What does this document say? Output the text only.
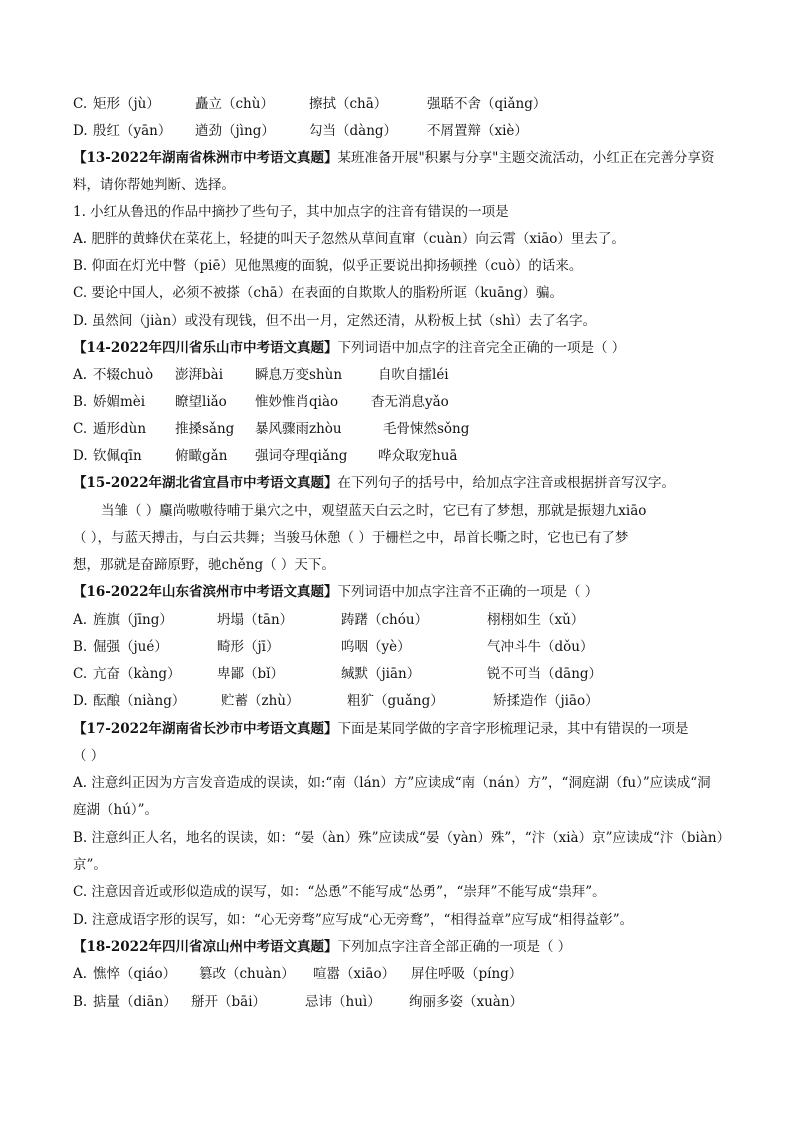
C. 矩形（jù）	矗立（chù）	擦拭（chā）	强聒不舍（qiǎng）
D. 殷红（yān） 遒劲（jìng）	勾当（dàng） 不屑置辩（xiè）
【13-2022年湖南省株洲市中考语文真题】某班准备开展"积累与分享"主题交流活动，小红正在完善分享资
料，请你帮她判断、选择。
1. 小红从鲁迅的作品中摘抄了些句子，其中加点字的注音有错误的一项是
A. 肥胖的黄蜂伏在菜花上，轻捷的叫天子忽然从草间直窜（cuàn）向云霄（xiāo）里去了。
B. 仰面在灯光中瞥（piē）见他黑瘦的面貌，似乎正要说出抑扬顿挫（cuò）的话来。
C. 要论中国人，必须不被搽（chā）在表面的自欺欺人的脂粉所诓（kuāng）骗。
D. 虽然间（jiàn）或没有现钱，但不出一月，定然还清，从粉板上拭（shì）去了名字。
【14-2022年四川省乐山市中考语文真题】下列词语中加点字的注音完全正确的一项是（ ）
A. 不辍chuò 澎湃bài 瞬息万变shùn	自吹自擂léi
B. 娇媚mèi 瞭望liǎo 惟妙惟肖qiào 杳无消息yǎo
C. 遁形dùn 推搡sǎng 暴风骤雨zhòu	毛骨悚然sǒng
D. 钦佩qīn 俯瞰gǎn 强词夺理qiǎng 哗众取宠huā
【15-2022年湖北省宜昌市中考语文真题】在下列句子的括号中，给加点字注音或根据拼音写汉字。
当雏（ ）麜尚嗷嗷待哺于巢穴之中，观望蓝天白云之时，它已有了梦想，那就是振翅九xiāo
（ ），与蓝天搏击，与白云共舞；当骏马休憩（ ）于栅栏之中，昂首长嘶之时，它也已有了梦
想，那就是奋蹄原野，驰chěng（ ）天下。
【16-2022年山东省滨州市中考语文真题】下列词语中加点字注音不正确的一项是（ ）
A. 旌旗（jīng）	坍塌（tān）	踌躇（chóu）	栩栩如生（xǔ）
B. 倔强（jué）	畸形（jī）	呜咽（yè）	气冲斗牛（dǒu）
C. 亢奋（kàng）	卑鄙（bǐ）	缄默（jiān）	锐不可当（dāng）
D. 酝酿（niàng）	贮蓄（zhù）	粗犷（guǎng）	矫揉造作（jiāo）
【17-2022年湖南省长沙市中考语文真题】下面是某同学做的字音字形梳理记录，其中有错误的一项是
（ ）
A. 注意纠正因为方言发音造成的误读，如:“南（lán）方”应读成“南（nán）方”，“洞庭湖（fu）”应读成“洞
庭湖（hú）”。
B. 注意纠正人名，地名的误读，如：“晏（àn）殊”应读成“晏（yàn）殊”，“汴（xià）京”应读成“汴（biàn）
京”。
C. 注意因音近或形似造成的误写，如：“怂恿”不能写成“怂勇”，“崇拜”不能写成“祟拜”。
D. 注意成语字形的误写，如：“心无旁骛”应写成“心无旁鹜”，“相得益章”应写成“相得益彰”。
【18-2022年四川省凉山州中考语文真题】下列加点字注音全部正确的一项是（ ）
A. 憔悴（qiáo） 篡改（chuàn） 喧嚣（xiāo） 屏住呼吸（píng）
B. 掂量（diān） 掰开（bāi）	忌讳（huì） 绚丽多姿（xuàn）
